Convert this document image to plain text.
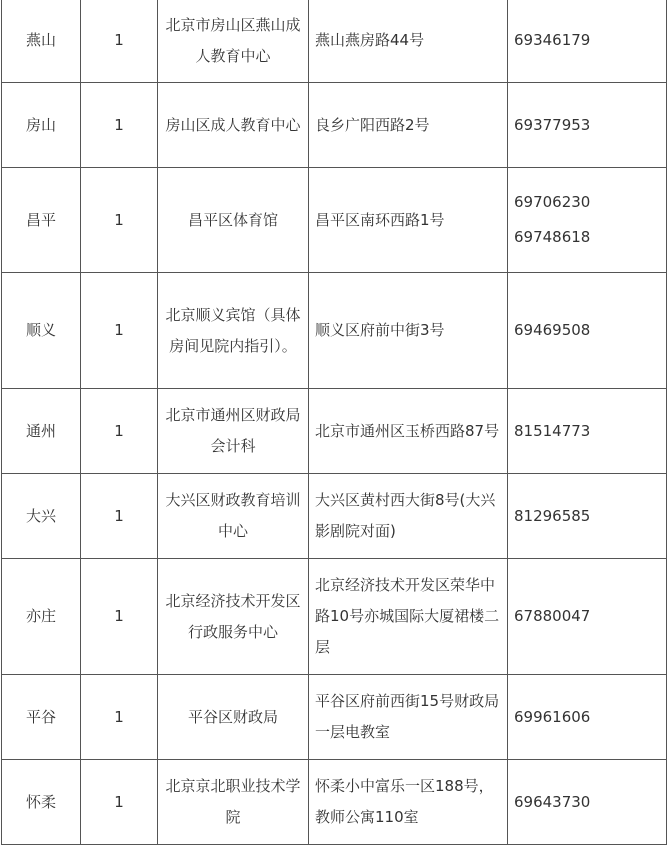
燕山	1	北京市房山区燕山成人教育中心	燕山燕房路44号	69346179

房山	1	房山区成人教育中心	良乡广阳西路2号	69377953

昌平	1	昌平区体育馆	昌平区南环西路1号	69706230
69748618

顺义	1	北京顺义宾馆（具体房间见院内指引）。	顺义区府前中街3号	69469508

通州	1	北京市通州区财政局会计科	北京市通州区玉桥西路87号	81514773

大兴	1	大兴区财政教育培训中心	大兴区黄村西大街8号(大兴影剧院对面)	81296585

亦庄	1	北京经济技术开发区行政服务中心	北京经济技术开发区荣华中路10号亦城国际大厦裙楼二层	67880047

平谷	1	平谷区财政局	平谷区府前西街15号财政局一层电教室	69961606

怀柔	1	北京京北职业技术学院	怀柔小中富乐一区188号，教师公寓110室	69643730
